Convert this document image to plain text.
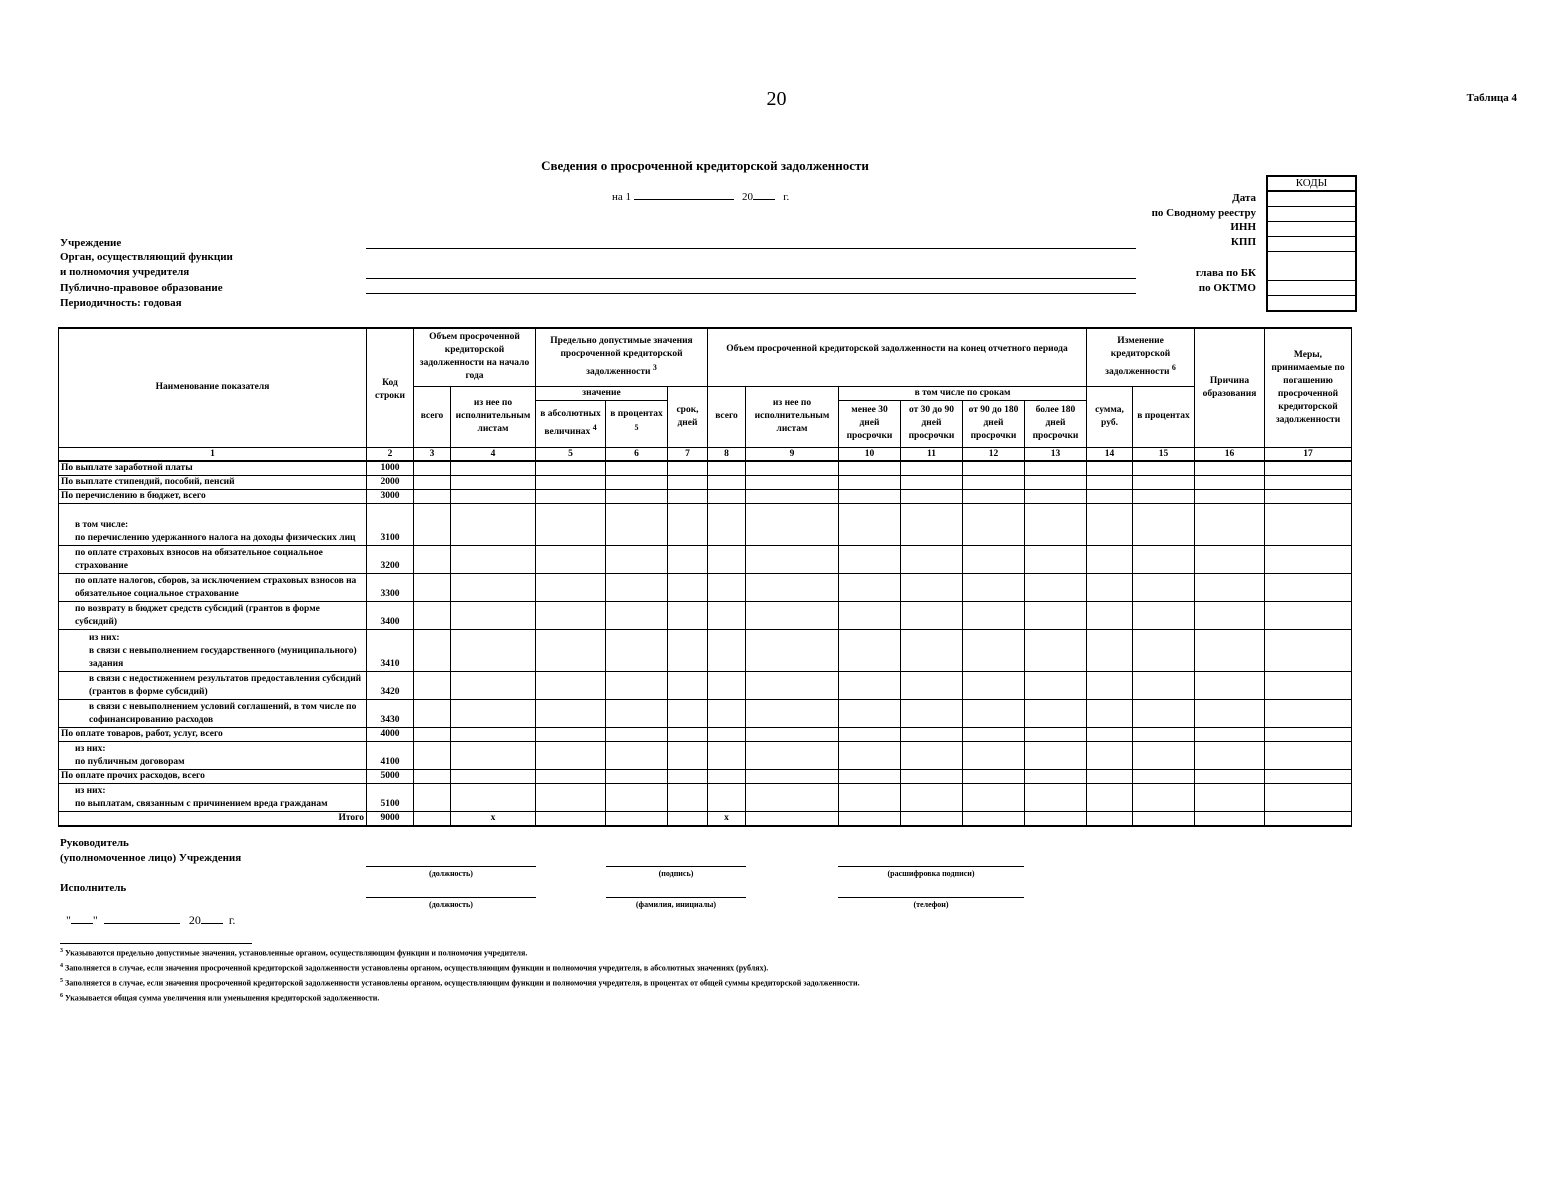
20	Таблица 4
Сведения о просроченной кредиторской задолженности
на 1	20	г.
КОДЫ
Дата
по Сводному реестру
ИНН
КПП
глава по БК
по ОКТМО
Учреждение
Орган, осуществляющий функции
и полномочия учредителя
Публично-правовое образование
Периодичность: годовая
Наименование показателя	Код строки	Объем просроченной кредиторской задолженности на начало года		Предельно допустимые значения просроченной кредиторской задолженности $^3$			Объем просроченной кредиторской задолженности на конец отчетного периода						Изменение кредиторской задолженности $^6$		Причина образования	Меры, принимаемые по погашению просроченной кредиторской задолженности
		всего	из нее по исполнительным листам	значение		срок, дней	всего	из нее по исполнительным листам	в том числе по срокам				сумма, руб.	в процентах		
				в абсолютных величинах $^4$	в процентах $^5$				менее 30 дней просрочки	от 30 до 90 дней просрочки	от 90 до 180 дней просрочки	более 180 дней просрочки				
1	2	3	4	5	6	7	8	9	10	11	12	13	14	15	16	17
По выплате заработной платы	1000															
По выплате стипендий, пособий, пенсий	2000															
По перечислению в бюджет, всего	3000															
в том числе:
по перечислению удержанного налога на доходы физических лиц	3100															
по оплате страховых взносов на обязательное социальное страхование	3200															
по оплате налогов, сборов, за исключением страховых взносов на обязательное социальное страхование	3300															
по возврату в бюджет средств субсидий (грантов в форме субсидий)	3400															
из них:
в связи с невыполнением государственного (муниципального) задания	3410															
в связи с недостижением результатов предоставления субсидий (грантов в форме субсидий)	3420															
в связи с невыполнением условий соглашений, в том числе по софинансированию расходов	3430															
По оплате товаров, работ, услуг, всего	4000															
из них:
по публичным договорам	4100															
По оплате прочих расходов, всего	5000															
из них:
по выплатам, связанным с причинением вреда гражданам	5100															
Итого	9000		x				x									
Руководитель
(уполномоченное лицо) Учреждения
(должность)	(подпись)	(расшифровка подписи)
Исполнитель
(должность)	(фамилия, инициалы)	(телефон)
" "	20 г.
$^3$ Указываются предельно допустимые значения, установленные органом, осуществляющим функции и полномочия учредителя.
$^4$ Заполняется в случае, если значения просроченной кредиторской задолженности установлены органом, осуществляющим функции и полномочия учредителя, в абсолютных значениях (рублях).
$^5$ Заполняется в случае, если значения просроченной кредиторской задолженности установлены органом, осуществляющим функции и полномочия учредителя, в процентах от общей суммы кредиторской задолженности.
$^6$ Указывается общая сумма увеличения или уменьшения кредиторской задолженности.
